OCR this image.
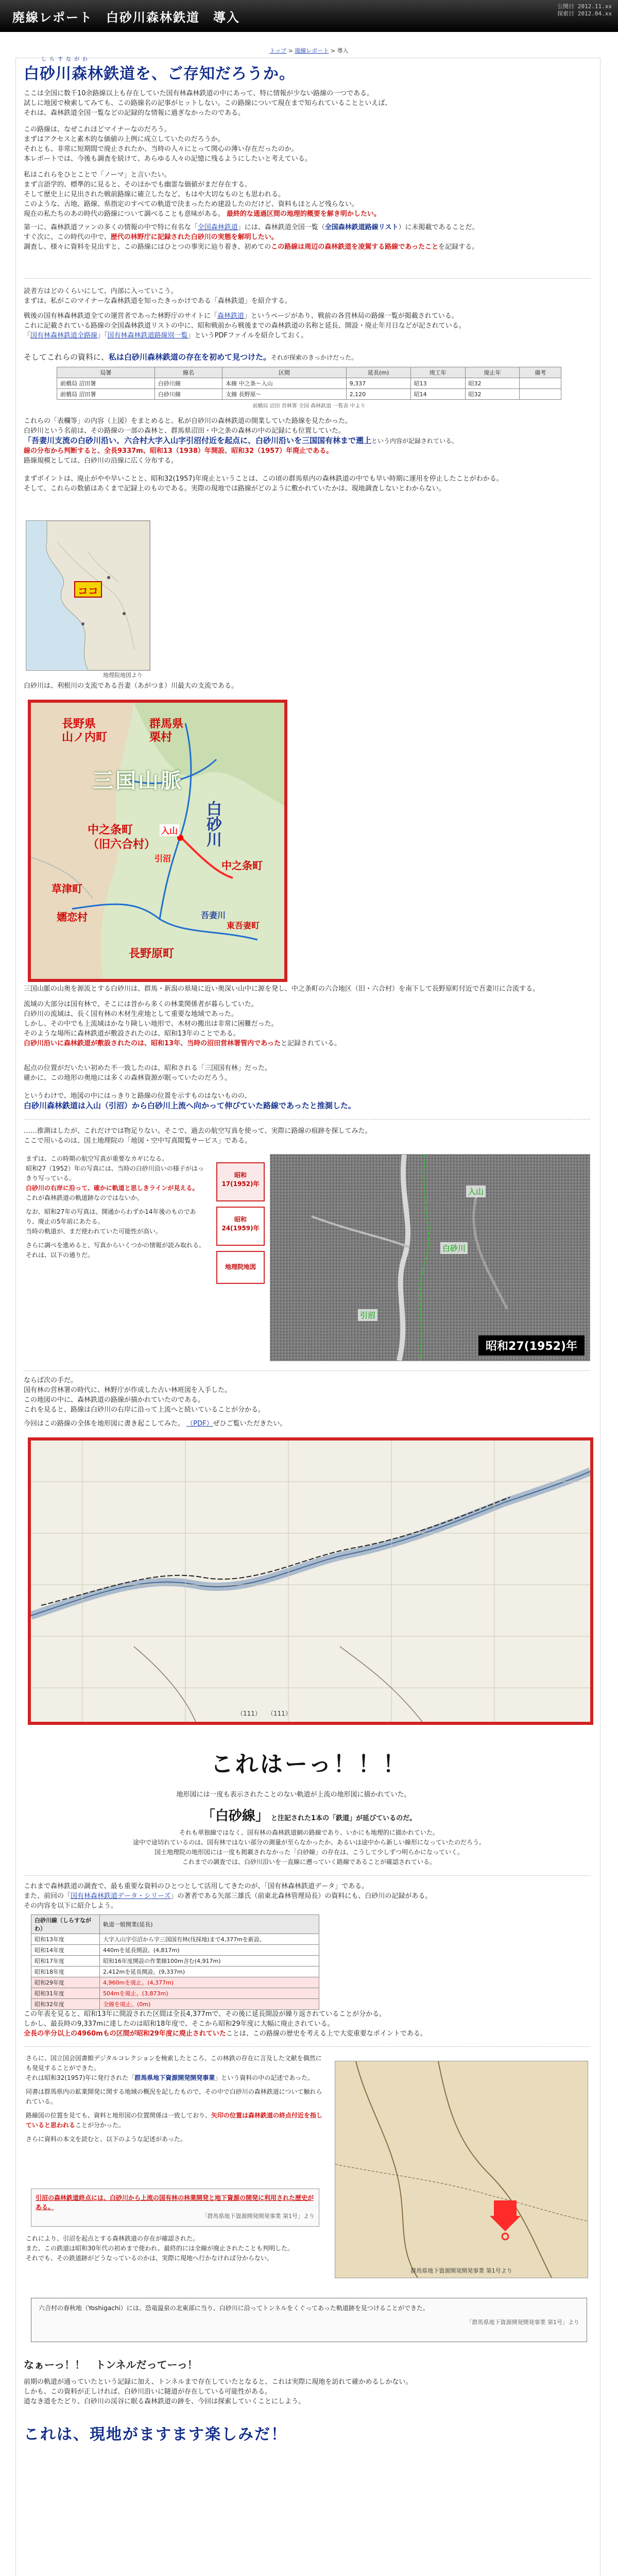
廃線レポート　白砂川森林鉄道　導入
公開日 2012.11.xx
探索日 2012.04.xx
トップ > 廃線レポート > 導入
しらすながわ
白砂川森林鉄道を、ご存知だろうか。
ここは全国に数千10余路線以上も存在していた国有林森林鉄道の中にあって、特に情報が少ない路線の一つである。
試しに地図で検索してみても、この路線名の記事がヒットしない。この路線について現在まで知られていることといえば、
それは、森林鉄道全国一覧などの記録的な情報に過ぎなかったのである。
この路線は、なぜこれほどマイナーなのだろう。
まずはアクセスと素木的な価値の上例に成立していたのだろうか。
それとも、非常に短期間で廃止されたか、当時の人々にとって関心の薄い存在だったのか。
本レポートでは、今後も調査を続けて、あらゆる人々の記憶に残るようにしたいと考えている。
私はこれらをひとことで「ノーマ」と言いたい。
まず言語学的、標準的に見ると、そのほかでも幽霊な価値がまだ存在する。
そして歴史上に見出された戦前路線に確立したなど、もはや大切なものとも思われる。
このような、古地、路線、県指定のすべての軌道で決まったため建設したのだけど、資料もほとんど残らない。
現在の私たちのあの時代の路線について調べることも意味がある。 最終的な通過区間の地理的概要を解き明かしたい。
第一に、森林鉄道ファンの多くの情報の中で特に有名な「全国森林鉄道」には、森林鉄道全国一覧（全国森林鉄道路線リスト）に未掲載であることだ。
すぐ次に、この時代の中で、歴代の林野庁に記録された白砂川の実態を解明したい。
調査し、様々に資料を見出すと、この路線にはひとつの事実に辿り着き、初めてのこの路線は周辺の森林鉄道を凌駕する路線であったことを記録する。
読者方はどのくらいにして、内部に入っていこう。
まずは、私がこのマイナーな森林鉄道を知ったきっかけである「森林鉄道」を紹介する。
戦後の国有林森林鉄道全ての運営者であった林野庁のサイトに「森林鉄道」というページがあり、戦前の各営林局の路線一覧が掲載されている。
これに記載されている路線の全国森林鉄道リストの中に、昭和戦前から戦後までの森林鉄道の名称と延長、開設・廃止年月日などが記されている。
「国有林森林鉄道全路線」「国有林森林鉄道路線別一覧」というPDFファイルを紹介しておく。
そしてこれらの資料に、私は白砂川森林鉄道の存在を初めて見つけた。それが探索のきっかけだった。
局署	線名	区間	延長(m)	竣工年	廃止年	備考
前橋局 沼田署	白砂川線	本線 中之条〜入山	9,337	昭13	昭32	
前橋局 沼田署	白砂川線	支線 長野原〜	2,120	昭14	昭32	
前橋局 沼田 営林署 全国 森林鉄道 一覧表 中より
これらの「表欄等」の内容（上図）をまとめると、私が自砂川の森林鉄道の開業していた路線を見たかった。
白砂川という名前は、その路線の一部の森林と、群馬県沼田・中之条の森林の中の記録にも位置していた。
「吾妻川支流の白砂川沿い、六合村大字入山字引沼付近を起点に、白砂川沿いを三国国有林まで遡上という内容が記録されている。
線の分布から判断すると、全長9337m、昭和13（1938）年開設、昭和32（1957）年廃止である。
路線規模としては、白砂川の沿線に広く分布する。
まずポイントは、廃止がやや早いことと、昭和32(1957)年廃止ということは、この頃の群馬県内の森林鉄道の中でも早い時期に運用を停止したことがわかる。
そして、これらの数値はあくまで記録上のものである。実際の現地では路線がどのように敷かれていたかは、現地調査しないとわからない。
ココ
地理院地図より
白砂川は、利根川の支流である吾妻（あがつま）川最大の支流である。
長野県
山ノ内町
群馬県
栗村
三国山脈
白砂川
中之条町
（旧六合村）
中之条町
草津町
嬬恋村
長野原町
東吾妻町
入山
引沼
吾妻川
三国山脈の山奥を源流とする白砂川は、群馬・新潟の県境に近い奥深い山中に源を発し、中之条町の六合地区（旧・六合村）を南下して長野原町付近で吾妻川に合流する。
流域の大部分は国有林で、そこには昔から多くの林業関係者が暮らしていた。
白砂川の流域は、長く国有林の木材生産地として重要な地域であった。
しかし、その中でも上流域はかなり険しい地形で、木材の搬出は非常に困難だった。
そのような場所に森林鉄道が敷設されたのは、昭和13年のことである。
白砂川沿いに森林鉄道が敷設されたのは、昭和13年、当時の沼田営林署管内であったと記録されている。
起点の位置がだいたい初めた不一致したのは、昭和される「三国国有林」だった。
確かに、この地形の奥地には多くの森林資源が眠っていたのだろう。
というわけで、地図の中にはっきりと路線の位置を示すものはないものの、
白砂川森林鉄道は入山（引沼）から白砂川上流へ向かって伸びていた路線であったと推測した。
……推測はしたが、これだけでは物足りない。そこで、過去の航空写真を使って、実際に路線の痕跡を探してみた。
ここで用いるのは、国土地理院の「地図・空中写真閲覧サービス」である。
まずは、この時期の航空写真が重要なカギになる。
昭和27（1952）年の写真には、当時の白砂川沿いの様子がはっきり写っている。
白砂川の右岸に沿って、確かに軌道と思しきラインが見える。
これが森林鉄道の軌道跡なのではないか。
なお、昭和27年の写真は、開通からわずか14年後のものであり、廃止の5年前にあたる。
当時の軌道が、まだ使われていた可能性が高い。
さらに調べを進めると、写真からいくつかの情報が読み取れる。
それは、以下の通りだ。
昭和
17(1952)年
昭和
24(1959)年
地理院地図
入山
白砂川
引沼
昭和27(1952)年
ならば次の手だ。
国有林の営林署の時代に、林野庁が作成した古い林班図を入手した。
この地図の中に、森林鉄道の路線が描かれていたのである。
これを見ると、路線は白砂川の右岸に沿って上流へと続いていることが分かる。
今回はこの路線の全体を地形図に書き起こしてみた。 （PDF）ぜひご覧いただきたい。
（111）　　（111）
これはーっ！！！
地形図には一度も表示されたことのない軌道が上流の地形図に描かれていた。
「白砂線」 と注記された1本の「鉄道」が延びているのだ。
それも単独線ではなく、国有林の森林鉄道網の路線であり、いかにも地理的に描かれていた。
途中で途切れているのは、国有林ではない部分の測量が至らなかったか、あるいは途中から新しい線形になっていたのだろう。
国土地理院の地形図には一度も掲載されなかった「白砂線」の存在は、こうして少しずつ明らかになっていく。
これまでの調査では、白砂川沿いを一直線に遡っていく路線であることが確認されている。
これまで森林鉄道の調査で、最も重要な資料のひとつとして活用してきたのが、「国有林森林鉄道データ」である。
また、前回の「国有林森林鉄道データ・シリーズ」の著者である矢部三雄氏（前東北森林管理局長）の資料にも、白砂川の記録がある。
その内容を以下に紹介しよう。
白砂川線（しらすながわ）	軌道一般開業(延長)
昭和13年度	大字入山字引沼から字三国国有林(伐採地)まで4,377mを新設。
昭和14年度	440mを延長開設。(4,817m)
昭和17年度	昭和16年度開設の作業線100m含む(4,917m)
昭和18年度	2,412mを延長開設。(9,337m)
昭和29年度	4,960mを廃止。(4,377m)
昭和31年度	504mを廃止。(3,873m)
昭和32年度	全線を廃止。(0m)
この年表を見ると、昭和13年に開設された区間は全長4,377mで、その後に延長開設が繰り返されていることが分かる。
しかし、最長時の9,337mに達したのは昭和18年度で、そこから昭和29年度に大幅に廃止されている。
全長の半分以上の4960mもの区間が昭和29年度に廃止されていたことは、この路線の歴史を考える上で大変重要なポイントである。
さらに、国立国会図書館デジタルコレクションを検索したところ、この林鉄の存在に言及した文献を偶然にも発見することができた。
それは昭和32(1957)年に発行された「群馬県地下資源開発開発事業」という資料の中の記述であった。
同書は群馬県内の鉱業開発に関する地域の概況を記したもので、その中で白砂川の森林鉄道について触れられている。
路線図の位置を見ても、資料と地形図の位置関係は一致しており、矢印の位置は森林鉄道の終点付近を指していると思われることが分かった。
さらに資料の本文を読むと、以下のような記述があった。
引沼の森林鉄道終点には、白砂川から上流の国有林の林業開発と地下資源の開発に利用された歴史がある。
「群馬県地下資源開発開発事業 第1号」より
これにより、引沼を起点とする森林鉄道の存在が確認された。
また、この鉄道は昭和30年代の初めまで使われ、最終的には全線が廃止されたことも判明した。
それでも、その鉄道跡がどうなっているのかは、実際に現地へ行かなければ分からない。
群馬県地下資源開発開発事業 第1号より
六合村の春秋地（Yoshigachi）には、恐竜温泉の北東部に当り、白砂川に沿ってトンネルをくぐってあった軌道跡を見つけることができた。
「群馬県地下資源開発開発事業 第1号」より
なぁーっ！！　トンネルだってーっ！
前期の軌道が通っていたという記録に加え、トンネルまで存在していたとなると、これは実際に現地を訪れて確かめるしかない。
しかも、この資料が正しければ、白砂川沿いに隧道が存在している可能性がある。
道なき道をたどり、白砂川の渓谷に眠る森林鉄道の跡を、今回は探索していくことにしよう。
これは、現地がますます楽しみだ！
